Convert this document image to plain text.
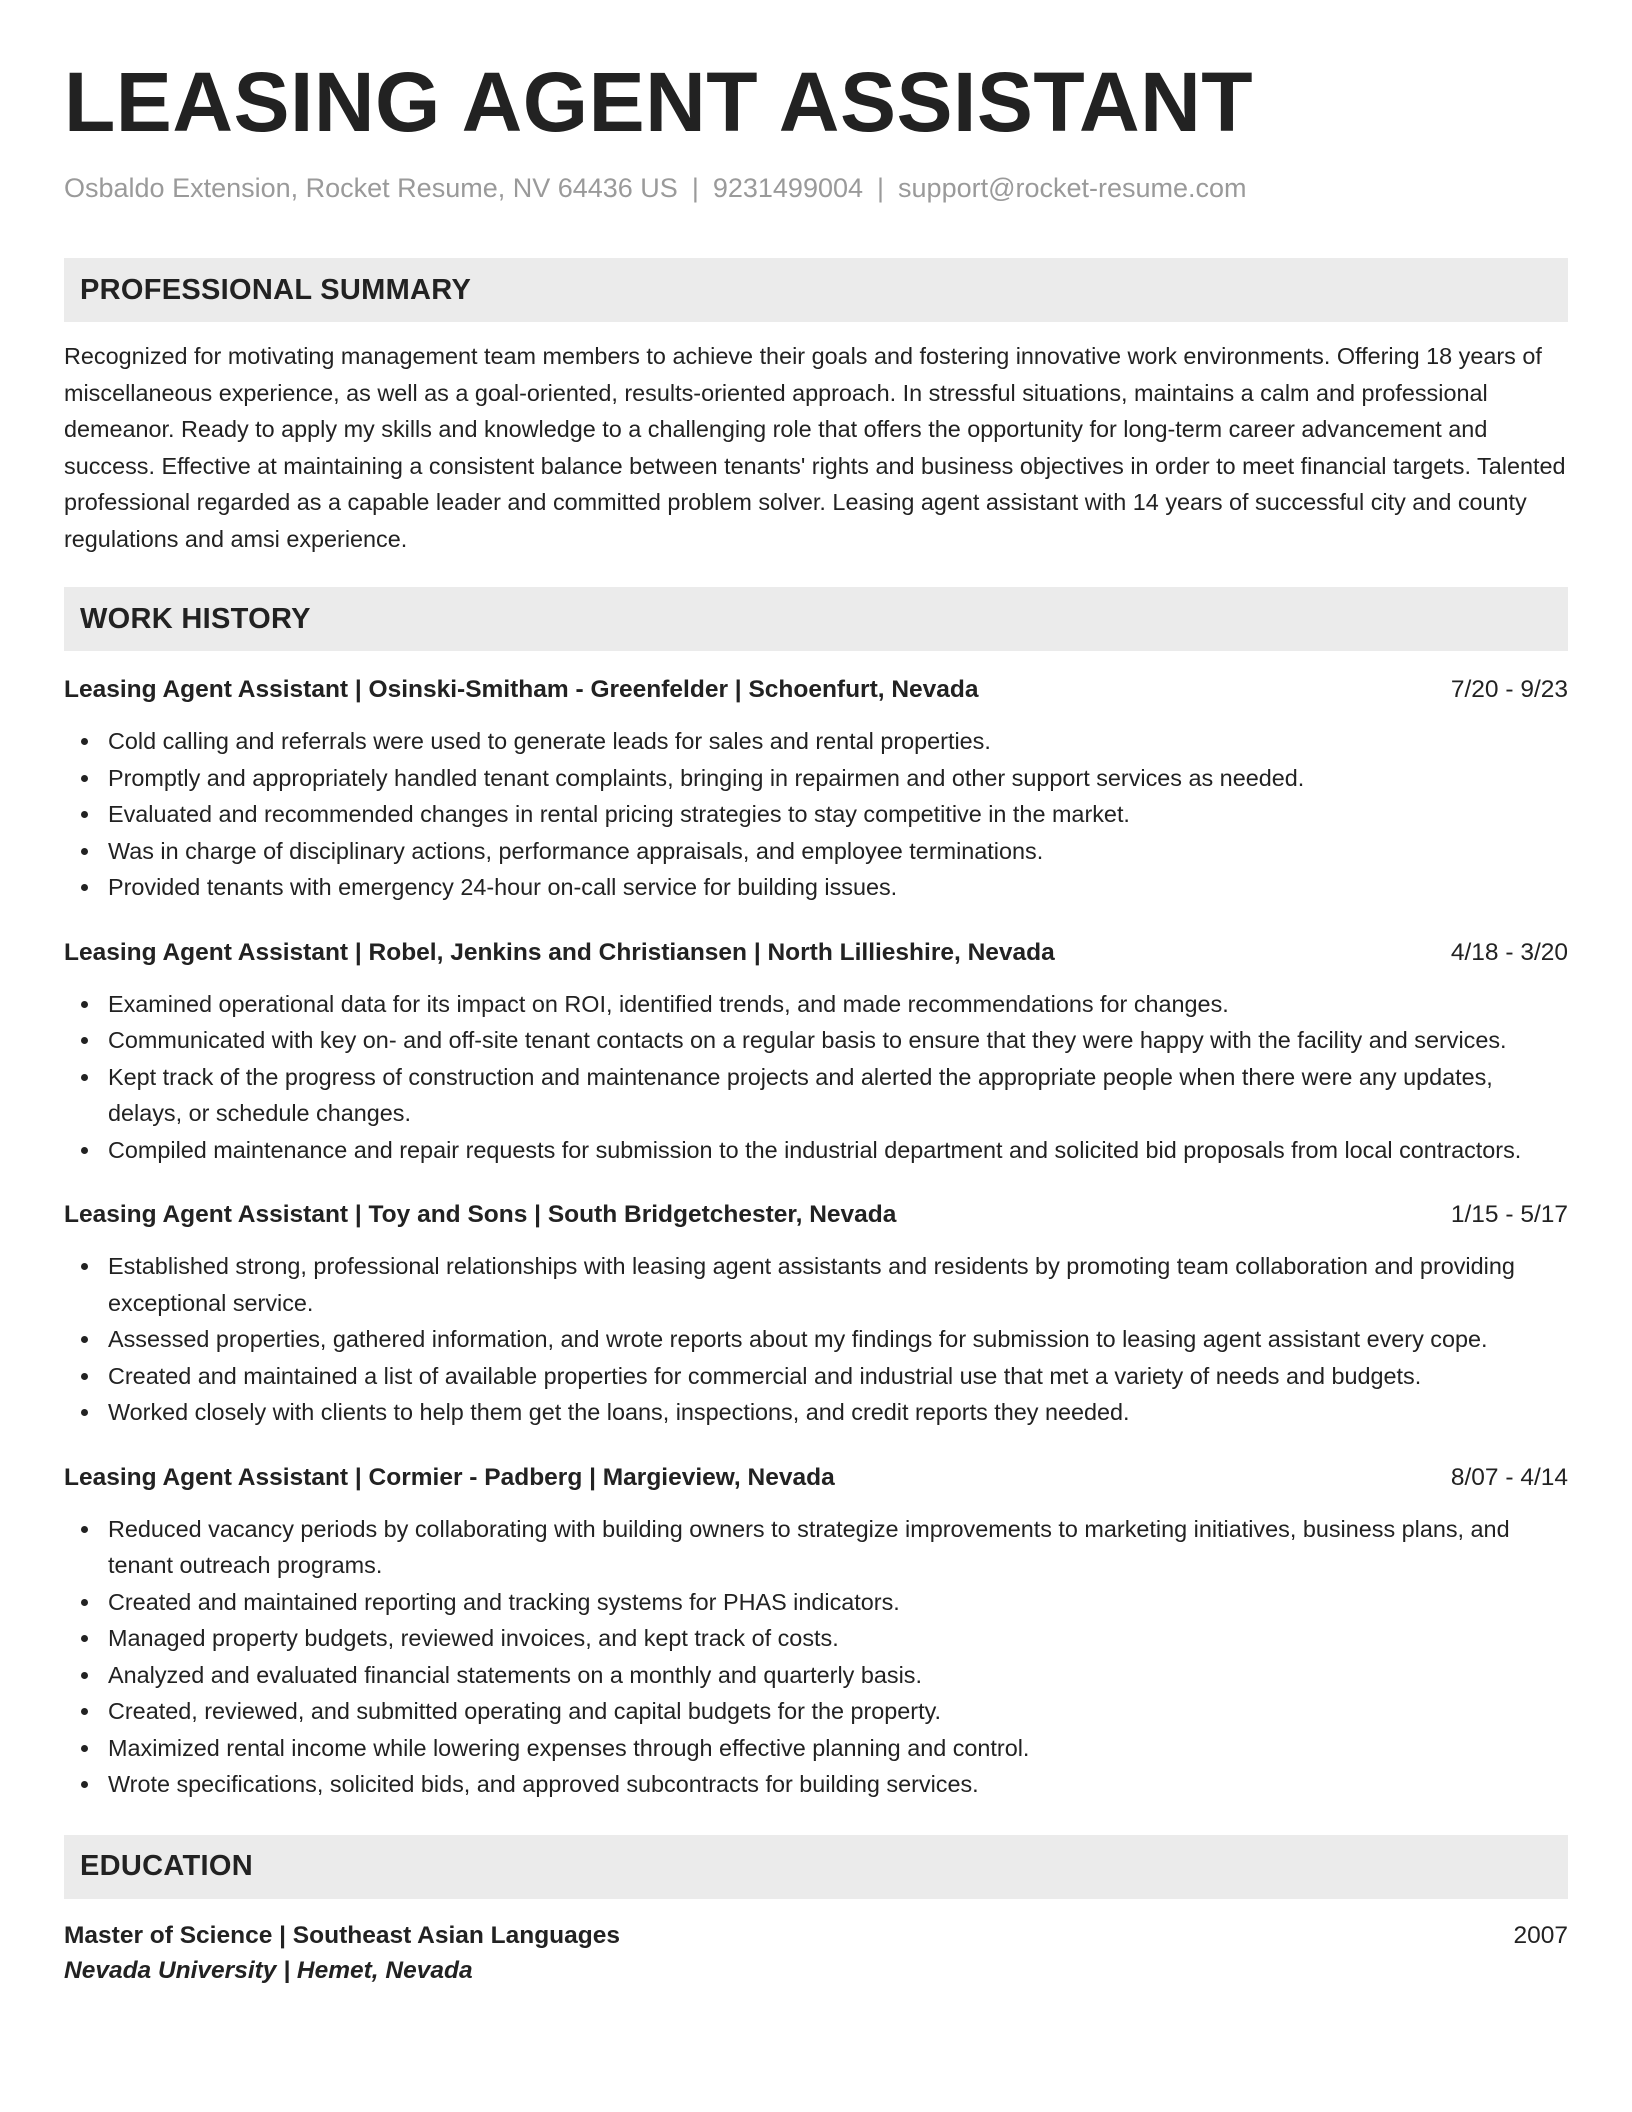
LEASING AGENT ASSISTANT
Osbaldo Extension, Rocket Resume, NV 64436 US | 9231499004 | support@rocket-resume.com
PROFESSIONAL SUMMARY
Recognized for motivating management team members to achieve their goals and fostering innovative work environments. Offering 18 years of miscellaneous experience, as well as a goal-oriented, results-oriented approach. In stressful situations, maintains a calm and professional demeanor. Ready to apply my skills and knowledge to a challenging role that offers the opportunity for long-term career advancement and success. Effective at maintaining a consistent balance between tenants' rights and business objectives in order to meet financial targets. Talented professional regarded as a capable leader and committed problem solver. Leasing agent assistant with 14 years of successful city and county regulations and amsi experience.
WORK HISTORY
Leasing Agent Assistant | Osinski-Smitham - Greenfelder | Schoenfurt, Nevada	7/20 - 9/23
Cold calling and referrals were used to generate leads for sales and rental properties.
Promptly and appropriately handled tenant complaints, bringing in repairmen and other support services as needed.
Evaluated and recommended changes in rental pricing strategies to stay competitive in the market.
Was in charge of disciplinary actions, performance appraisals, and employee terminations.
Provided tenants with emergency 24-hour on-call service for building issues.
Leasing Agent Assistant | Robel, Jenkins and Christiansen | North Lillieshire, Nevada	4/18 - 3/20
Examined operational data for its impact on ROI, identified trends, and made recommendations for changes.
Communicated with key on- and off-site tenant contacts on a regular basis to ensure that they were happy with the facility and services.
Kept track of the progress of construction and maintenance projects and alerted the appropriate people when there were any updates, delays, or schedule changes.
Compiled maintenance and repair requests for submission to the industrial department and solicited bid proposals from local contractors.
Leasing Agent Assistant | Toy and Sons | South Bridgetchester, Nevada	1/15 - 5/17
Established strong, professional relationships with leasing agent assistants and residents by promoting team collaboration and providing exceptional service.
Assessed properties, gathered information, and wrote reports about my findings for submission to leasing agent assistant every cope.
Created and maintained a list of available properties for commercial and industrial use that met a variety of needs and budgets.
Worked closely with clients to help them get the loans, inspections, and credit reports they needed.
Leasing Agent Assistant | Cormier - Padberg | Margieview, Nevada	8/07 - 4/14
Reduced vacancy periods by collaborating with building owners to strategize improvements to marketing initiatives, business plans, and tenant outreach programs.
Created and maintained reporting and tracking systems for PHAS indicators.
Managed property budgets, reviewed invoices, and kept track of costs.
Analyzed and evaluated financial statements on a monthly and quarterly basis.
Created, reviewed, and submitted operating and capital budgets for the property.
Maximized rental income while lowering expenses through effective planning and control.
Wrote specifications, solicited bids, and approved subcontracts for building services.
EDUCATION
Master of Science | Southeast Asian Languages	2007
Nevada University | Hemet, Nevada
